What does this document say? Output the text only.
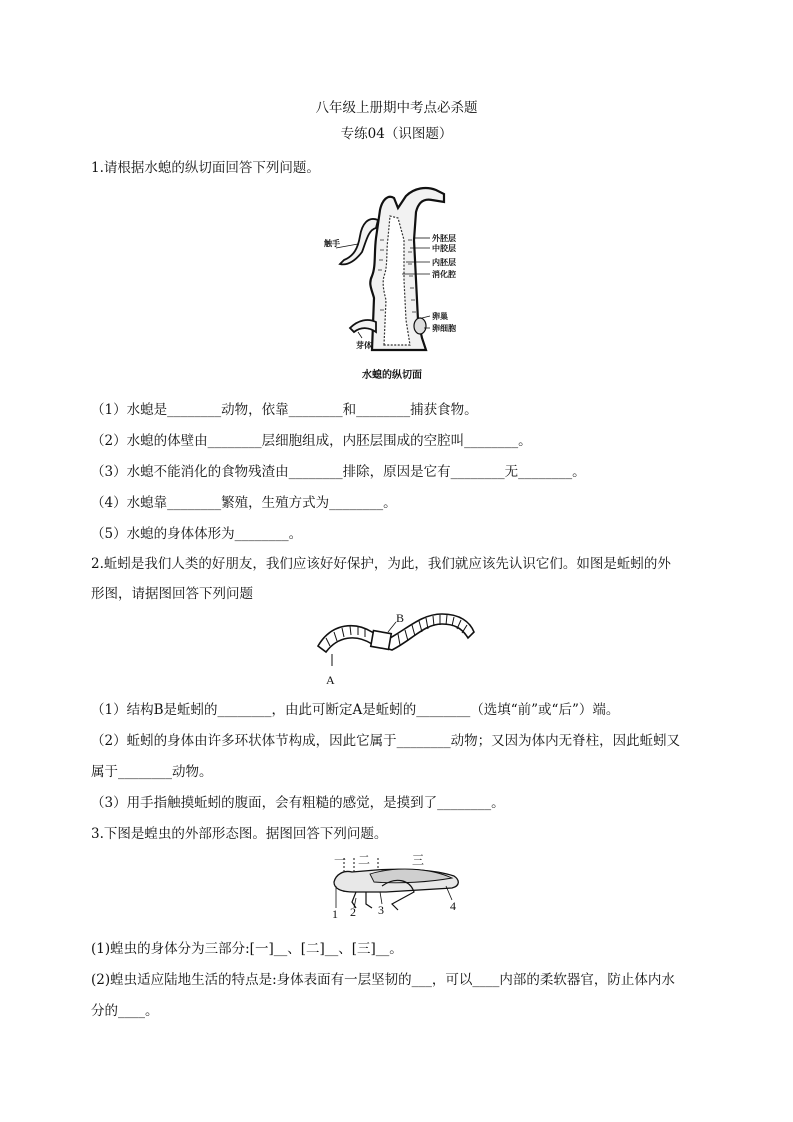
八年级上册期中考点必杀题
专练04（识图题）
1.请根据水螅的纵切面回答下列问题。
触手
外胚层
中胶层
内胚层
消化腔
卵巢
卵细胞
芽体
水螅的纵切面
（1）水螅是________动物，依靠________和________捕获食物。
（2）水螅的体壁由________层细胞组成，内胚层围成的空腔叫________。
（3）水螅不能消化的食物残渣由________排除，原因是它有________无________。
（4）水螅靠________繁殖，生殖方式为________。
（5）水螅的身体体形为________。
2.蚯蚓是我们人类的好朋友，我们应该好好保护，为此，我们就应该先认识它们。如图是蚯蚓的外
形图，请据图回答下列问题
B
A
（1）结构B是蚯蚓的________，由此可断定A是蚯蚓的________（选填“前”或“后”）端。
（2）蚯蚓的身体由许多环状体节构成，因此它属于________动物；又因为体内无脊柱，因此蚯蚓又
属于________动物。
（3）用手指触摸蚯蚓的腹面，会有粗糙的感觉，是摸到了________。
3.下图是蝗虫的外部形态图。据图回答下列问题。
一 二	三
1 2 3	4
(1)蝗虫的身体分为三部分:[一]__、[二]__、[三]__。
(2)蝗虫适应陆地生活的特点是:身体表面有一层坚韧的___，可以____内部的柔软器官，防止体内水
分的____。
